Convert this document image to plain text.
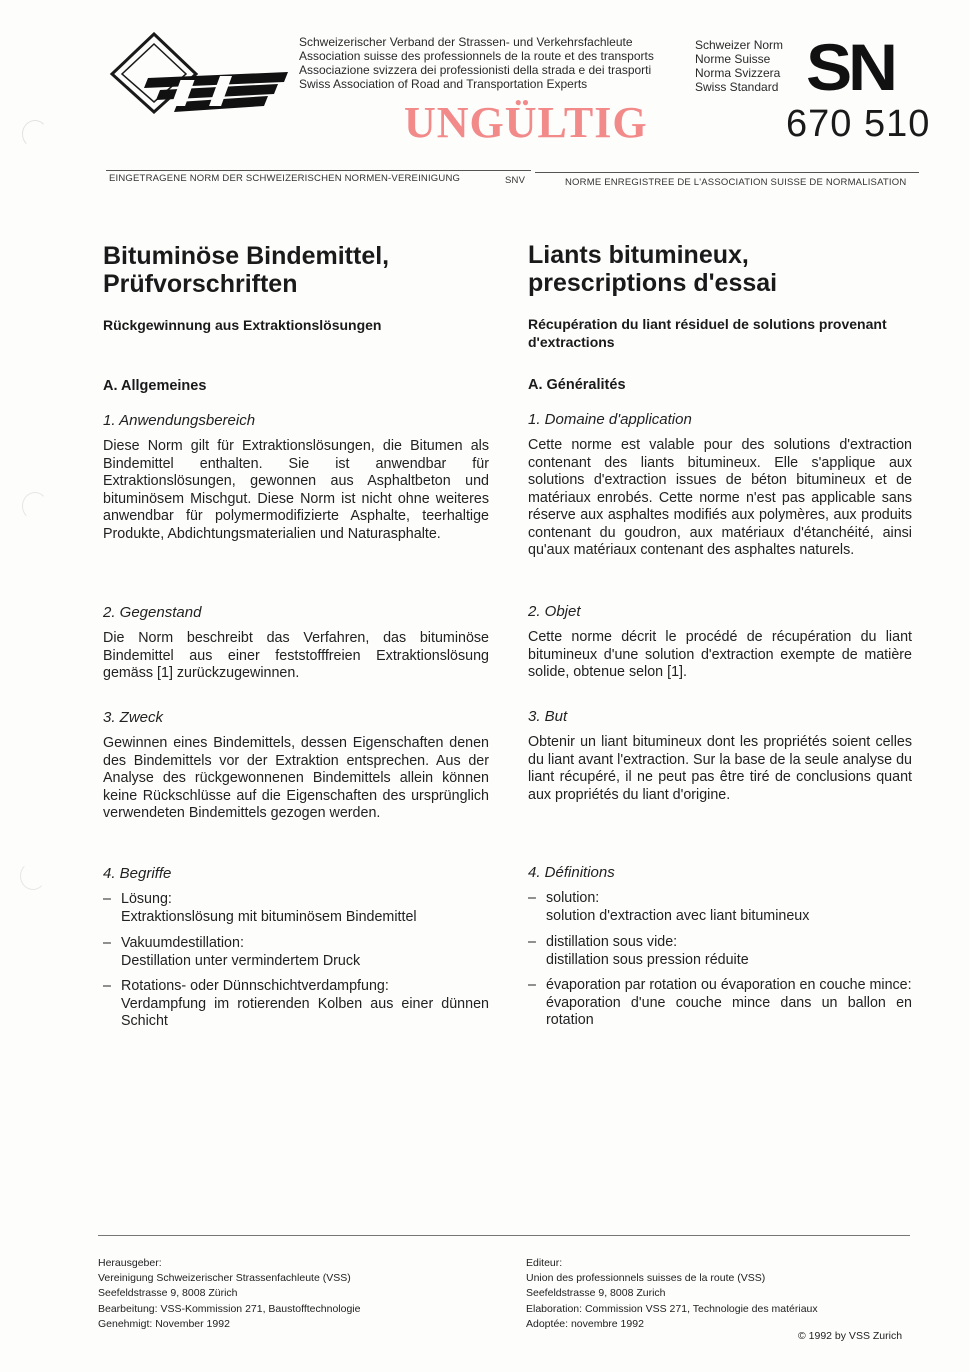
Schweizerischer Verband der Strassen- und Verkehrsfachleute
Association suisse des professionnels de la route et des transports
Associazione svizzera dei professionisti della strada e dei trasporti
Swiss Association of Road and Transportation Experts
Schweizer Norm
Norme Suisse
Norma Svizzera
Swiss Standard SN
670 510
UNGÜLTIG
EINGETRAGENE NORM DER SCHWEIZERISCHEN NORMEN-VEREINIGUNG	SNV	NORME ENREGISTREE DE L'ASSOCIATION SUISSE DE NORMALISATION
Bituminöse Bindemittel,
Prüfvorschriften
Rückgewinnung aus Extraktionslösungen
A. Allgemeines
1. Anwendungsbereich
Diese Norm gilt für Extraktionslösungen, die Bitumen als Bindemittel enthalten. Sie ist anwendbar für Extraktionslösungen, gewonnen aus Asphaltbeton und bituminösem Mischgut. Diese Norm ist nicht ohne weiteres anwendbar für polymermodifizierte Asphalte, teerhaltige Produkte, Abdichtungsmaterialien und Naturasphalte.
2. Gegenstand
Die Norm beschreibt das Verfahren, das bituminöse Bindemittel aus einer feststofffreien Extraktionslösung gemäss [1] zurückzugewinnen.
3. Zweck
Gewinnen eines Bindemittels, dessen Eigenschaften denen des Bindemittels vor der Extraktion entsprechen. Aus der Analyse des rückgewonnenen Bindemittels allein können keine Rückschlüsse auf die Eigenschaften des ursprünglich verwendeten Bindemittels gezogen werden.
4. Begriffe
– Lösung:
Extraktionslösung mit bituminösem Bindemittel
– Vakuumdestillation:
Destillation unter vermindertem Druck
– Rotations- oder Dünnschichtverdampfung:
Verdampfung im rotierenden Kolben aus einer dünnen Schicht
Liants bitumineux,
prescriptions d'essai
Récupération du liant résiduel de solutions provenant d'extractions
A. Généralités
1. Domaine d'application
Cette norme est valable pour des solutions d'extraction contenant des liants bitumineux. Elle s'applique aux solutions d'extraction issues de béton bitumineux et de matériaux enrobés. Cette norme n'est pas applicable sans réserve aux asphaltes modifiés aux polymères, aux produits contenant du goudron, aux matériaux d'étanchéité, ainsi qu'aux matériaux contenant des asphaltes naturels.
2. Objet
Cette norme décrit le procédé de récupération du liant bitumineux d'une solution d'extraction exempte de matière solide, obtenue selon [1].
3. But
Obtenir un liant bitumineux dont les propriétés soient celles du liant avant l'extraction. Sur la base de la seule analyse du liant récupéré, il ne peut pas être tiré de conclusions quant aux propriétés du liant d'origine.
4. Définitions
– solution:
solution d'extraction avec liant bitumineux
– distillation sous vide:
distillation sous pression réduite
– évaporation par rotation ou évaporation en couche mince:
évaporation d'une couche mince dans un ballon en rotation
Herausgeber:
Vereinigung Schweizerischer Strassenfachleute (VSS)
Seefeldstrasse 9, 8008 Zürich
Bearbeitung: VSS-Kommission 271, Baustofftechnologie
Genehmigt: November 1992
Editeur:
Union des professionnels suisses de la route (VSS)
Seefeldstrasse 9, 8008 Zurich
Elaboration: Commission VSS 271, Technologie des matériaux
Adoptée: novembre 1992
© 1992 by VSS Zurich
